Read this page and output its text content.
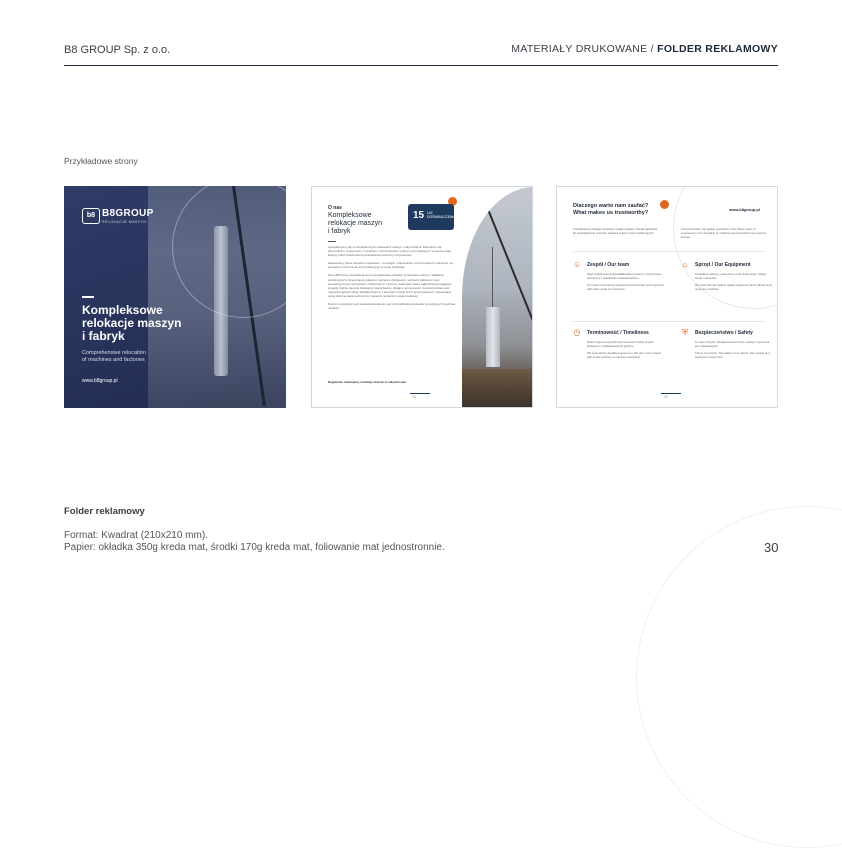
B8 GROUP Sp. z o.o.	MATERIAŁY DRUKOWANE / FOLDER REKLAMOWY
Przykładowe strony
b8 B8GROUP
RELOKACJE MASZYN
Kompleksowe
relokacje maszyn
i fabryk
Comprehensive relocation
of machines and factories
www.b8group.pl
O nas
Kompleksowe
relokacje maszyn
i fabryk
15 LAT
DOŚWIADCZENIA

Specjalizujemy się w kompleksowych relokacjach maszyn i całych fabryk. Zajmujemy się demontażem, transportem, montażem i uruchomieniem maszyn przemysłowych na terenie całej Europy. Nasz zespół tworzą doświadczeni technicy i inżynierowie.

Zapewniamy pełne wsparcie projektowe – od audytu i planowania, przez bezpieczny transport, po ponowne uruchomienie linii produkcyjnej w nowej lokalizacji.

Firma B8 Group specjalizuje się w kompleksowej obsłudze przeniesień maszyn i zakładów produkcyjnych. Dysponujemy własnym sprzętem dźwigowym, wózkami widłowymi oraz specjalistycznymi narzędziami, dzięki którym możemy realizować nawet najbardziej wymagające projekty. Każde zlecenie traktujemy indywidualnie, dbając o terminowość, bezpieczeństwo oraz najwyższą jakość usług. Współpracujemy z klientami z wielu branż przemysłowych, zapewniając pełną dokumentację techniczną i wsparcie na każdym etapie realizacji.

Naszym priorytetem jest zadowolenie klienta oraz minimalizacja przestojów produkcyjnych podczas relokacji.

Regularnie realizujemy relokacje maszyn w całej Europie.
04
Dlaczego warto nam zaufać?
What makes us trustworthy?	www.b8group.pl
Kompleksowa obsługa na każdym etapie projektu. Ponad piętnaście lat doświadczenia w branży relokacji maszyn i linii produkcyjnych.
Comprehensive, top-quality operations. Over fifteen years of experience in the relocation of machines and production lines across Europe.
☺ Zespół / Our team

Nasz zespół tworzą wykwalifikowani monterzy, inżynierowie i operatorzy z wieloletnim doświadczeniem.

Our team is formed by experienced technicians and engineers with many years of experience.

⌂	Sprzęt / Our Equipment

Posiadamy własny, nowoczesny park maszynowy: dźwigi, wózki i narzędzia.

We work with the highest quality equipment which allows us to move any machine.

◷ Terminowość / Timeliness

Dotrzymujemy uzgodnionych terminów. Każdy projekt planujemy z dokładnością do godziny.

We meet all the deadlines agreed on. We plan every project with hourly precision to minimise downtime.

⛨ Bezpieczeństwo / Safety

To nasz priorytet. Bezpieczeństwo ludzi, maszyn i otoczenia jest najważniejsze.

This is our priority. The safety of our clients, their people and equipment comes first.

05
Folder reklamowy
Format: Kwadrat (210x210 mm).
Papier: okładka 350g kreda mat, środki 170g kreda mat, foliowanie mat jednostronnie.	30
